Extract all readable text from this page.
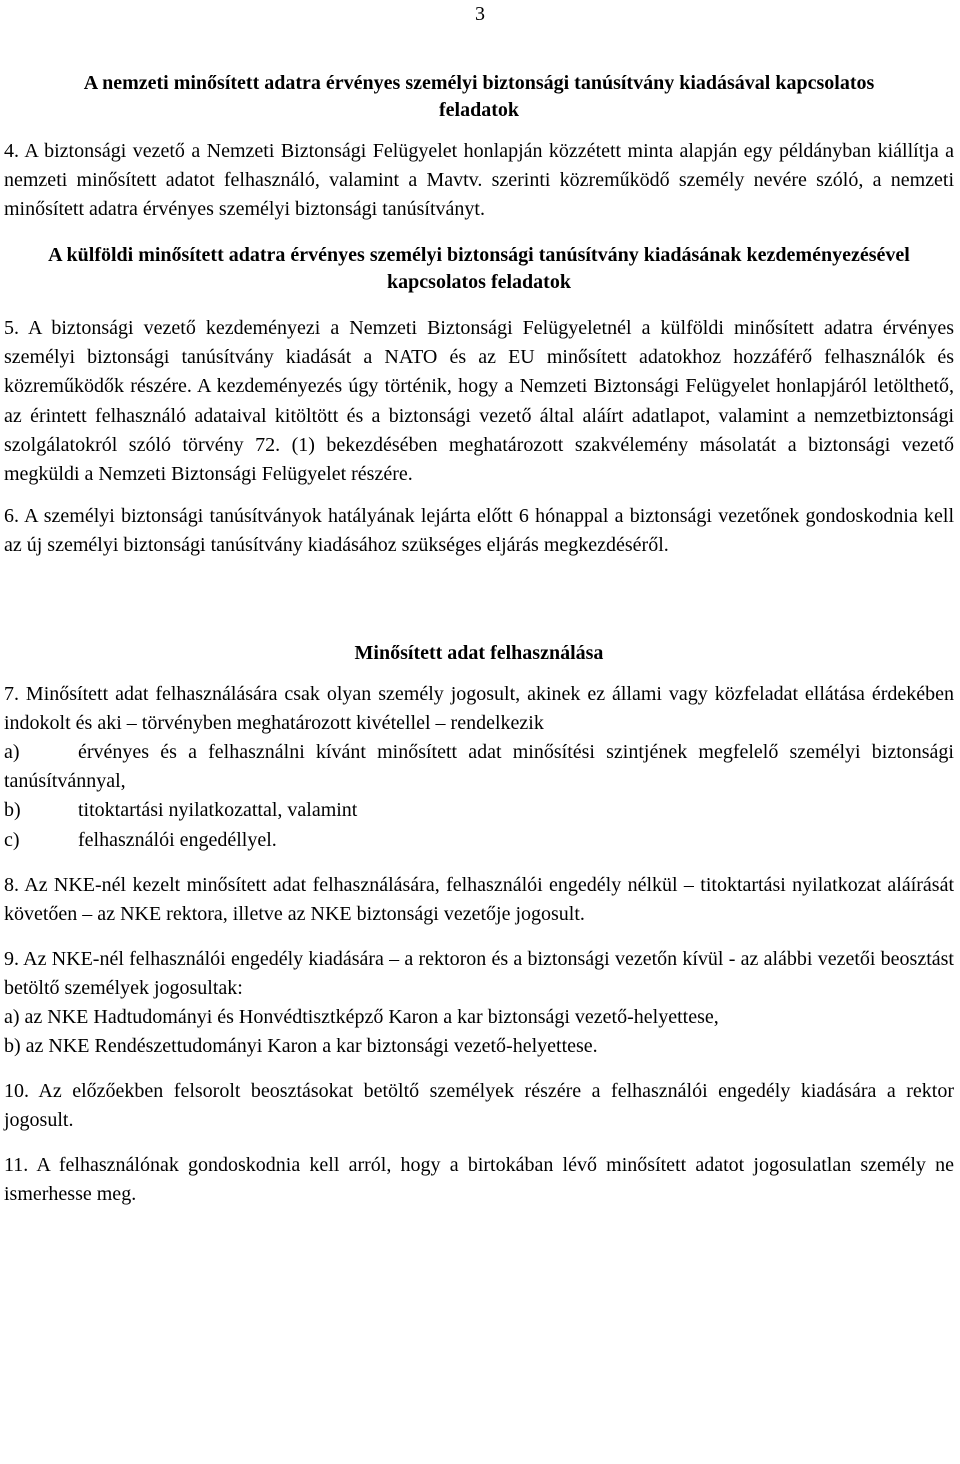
3
A nemzeti minősített adatra érvényes személyi biztonsági tanúsítvány kiadásával kapcsolatos feladatok

4. A biztonsági vezető a Nemzeti Biztonsági Felügyelet honlapján közzétett minta alapján egy példányban kiállítja a nemzeti minősített adatot felhasználó, valamint a Mavtv. szerinti közreműködő személy nevére szóló, a nemzeti minősített adatra érvényes személyi biztonsági tanúsítványt.

A külföldi minősített adatra érvényes személyi biztonsági tanúsítvány kiadásának kezdeményezésével kapcsolatos feladatok

5. A biztonsági vezető kezdeményezi a Nemzeti Biztonsági Felügyeletnél a külföldi minősített adatra érvényes személyi biztonsági tanúsítvány kiadását a NATO és az EU minősített adatokhoz hozzáférő felhasználók és közreműködők részére. A kezdeményezés úgy történik, hogy a Nemzeti Biztonsági Felügyelet honlapjáról letölthető, az érintett felhasználó adataival kitöltött és a biztonsági vezető által aláírt adatlapot, valamint a nemzetbiztonsági szolgálatokról szóló törvény 72. (1) bekezdésében meghatározott szakvélemény másolatát a biztonsági vezető megküldi a Nemzeti Biztonsági Felügyelet részére.

6. A személyi biztonsági tanúsítványok hatályának lejárta előtt 6 hónappal a biztonsági vezetőnek gondoskodnia kell az új személyi biztonsági tanúsítvány kiadásához szükséges eljárás megkezdéséről.

Minősített adat felhasználása

7. Minősített adat felhasználására csak olyan személy jogosult, akinek ez állami vagy közfeladat ellátása érdekében indokolt és aki – törvényben meghatározott kivétellel – rendelkezik

a)	érvényes és a felhasználni kívánt minősített adat minősítési szintjének megfelelő személyi biztonsági tanúsítvánnyal,
b)	titoktartási nyilatkozattal, valamint
c)	felhasználói engedéllyel.

8. Az NKE-nél kezelt minősített adat felhasználására, felhasználói engedély nélkül – titoktartási nyilatkozat aláírását követően – az NKE rektora, illetve az NKE biztonsági vezetője jogosult.

9. Az NKE-nél felhasználói engedély kiadására – a rektoron és a biztonsági vezetőn kívül - az alábbi vezetői beosztást betöltő személyek jogosultak:

a) az NKE Hadtudományi és Honvédtisztképző Karon a kar biztonsági vezető-helyettese,

b) az NKE Rendészettudományi Karon a kar biztonsági vezető-helyettese.

10. Az előzőekben felsorolt beosztásokat betöltő személyek részére a felhasználói engedély kiadására a rektor jogosult.

11. A felhasználónak gondoskodnia kell arról, hogy a birtokában lévő minősített adatot jogosulatlan személy ne ismerhesse meg.
